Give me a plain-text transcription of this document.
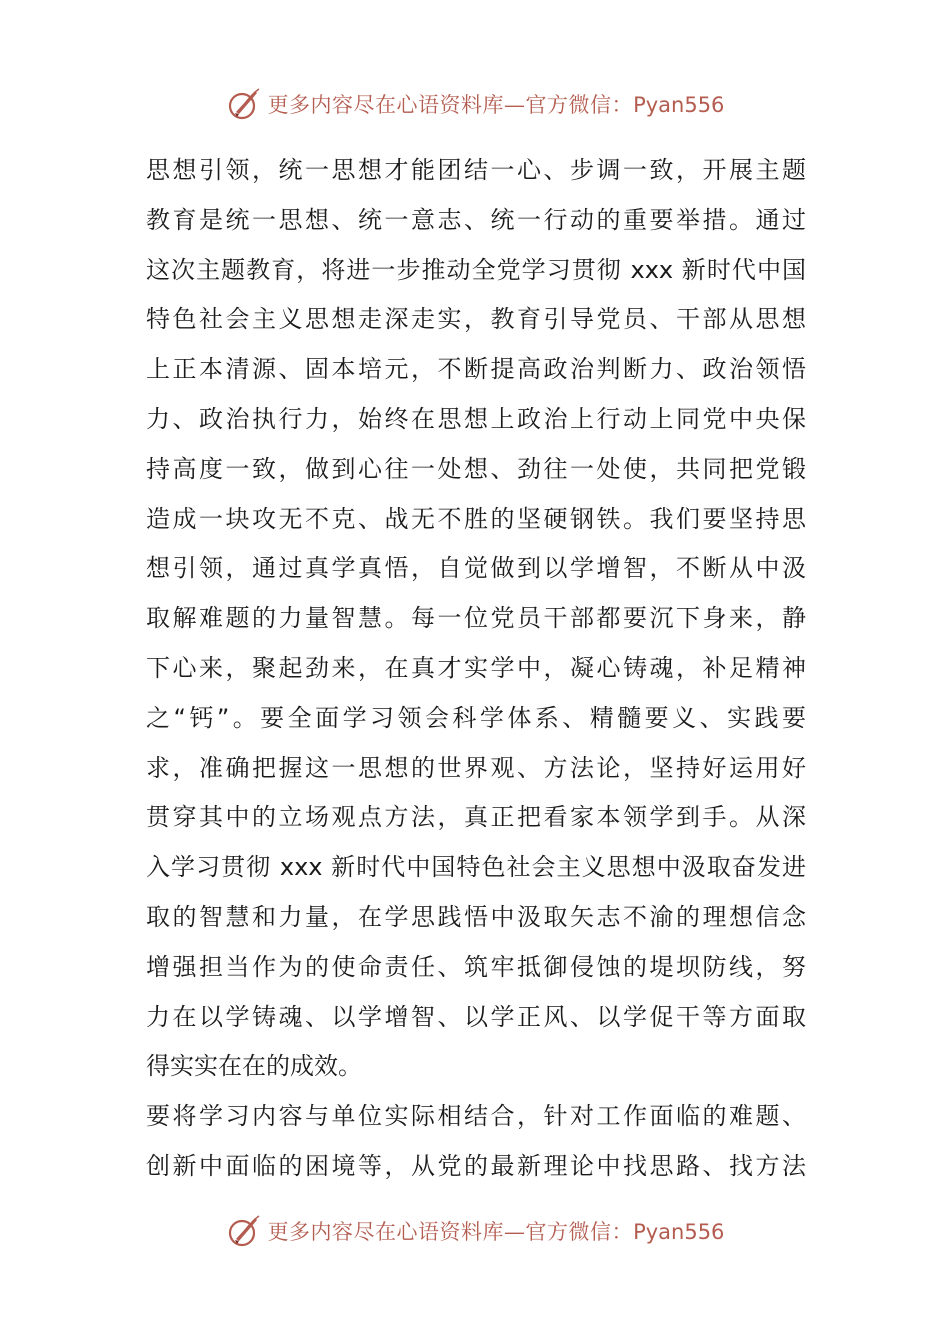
更多内容尽在心语资料库—官方微信：Pyan556
思想引领，统一思想才能团结一心、步调一致，开展主题
教育是统一思想、统一意志、统一行动的重要举措。通过
这次主题教育，将进一步推动全党学习贯彻 xxx 新时代中国
特色社会主义思想走深走实，教育引导党员、干部从思想
上正本清源、固本培元，不断提高政治判断力、政治领悟
力、政治执行力，始终在思想上政治上行动上同党中央保
持高度一致，做到心往一处想、劲往一处使，共同把党锻
造成一块攻无不克、战无不胜的坚硬钢铁。我们要坚持思
想引领，通过真学真悟，自觉做到以学增智，不断从中汲
取解难题的力量智慧。每一位党员干部都要沉下身来，静
下心来，聚起劲来，在真才实学中，凝心铸魂，补足精神
之“钙”。要全面学习领会科学体系、精髓要义、实践要
求，准确把握这一思想的世界观、方法论，坚持好运用好
贯穿其中的立场观点方法，真正把看家本领学到手。从深
入学习贯彻 xxx 新时代中国特色社会主义思想中汲取奋发进
取的智慧和力量，在学思践悟中汲取矢志不渝的理想信念
增强担当作为的使命责任、筑牢抵御侵蚀的堤坝防线，努
力在以学铸魂、以学增智、以学正风、以学促干等方面取
得实实在在的成效。
要将学习内容与单位实际相结合，针对工作面临的难题、
创新中面临的困境等，从党的最新理论中找思路、找方法
更多内容尽在心语资料库—官方微信：Pyan556
